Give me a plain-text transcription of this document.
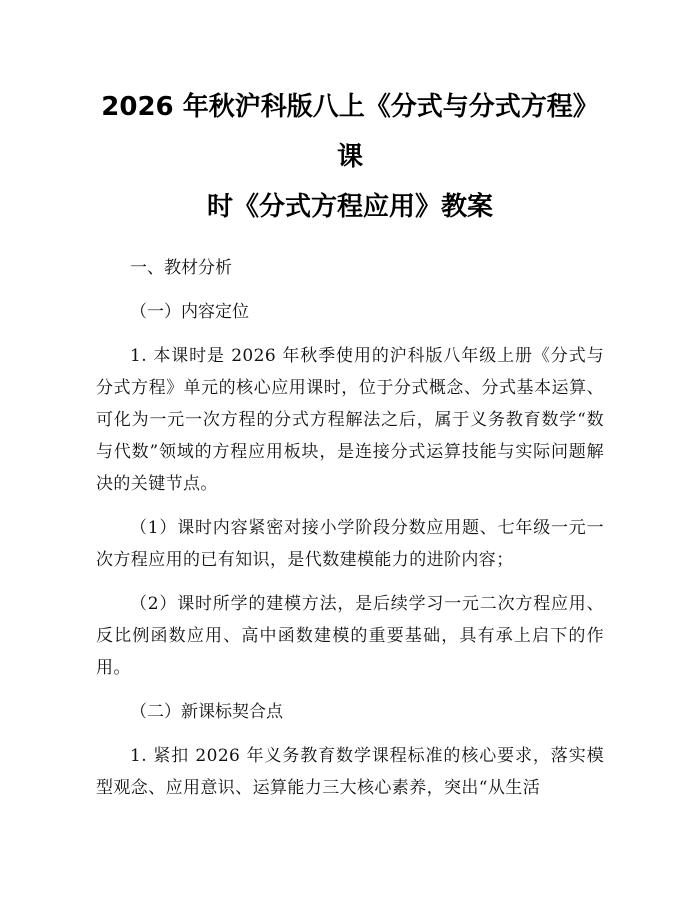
2026 年秋沪科版八上《分式与分式方程》课
时《分式方程应用》教案

一、教材分析

（一）内容定位

1. 本课时是 2026 年秋季使用的沪科版八年级上册《分式与分式方程》单元的核心应用课时，位于分式概念、分式基本运算、可化为一元一次方程的分式方程解法之后，属于义务教育数学“数与代数”领域的方程应用板块，是连接分式运算技能与实际问题解决的关键节点。

（1）课时内容紧密对接小学阶段分数应用题、七年级一元一次方程应用的已有知识，是代数建模能力的进阶内容；

（2）课时所学的建模方法，是后续学习一元二次方程应用、反比例函数应用、高中函数建模的重要基础，具有承上启下的作用。

（二）新课标契合点

1. 紧扣 2026 年义务教育数学课程标准的核心要求，落实模型观念、应用意识、运算能力三大核心素养，突出“从生活
